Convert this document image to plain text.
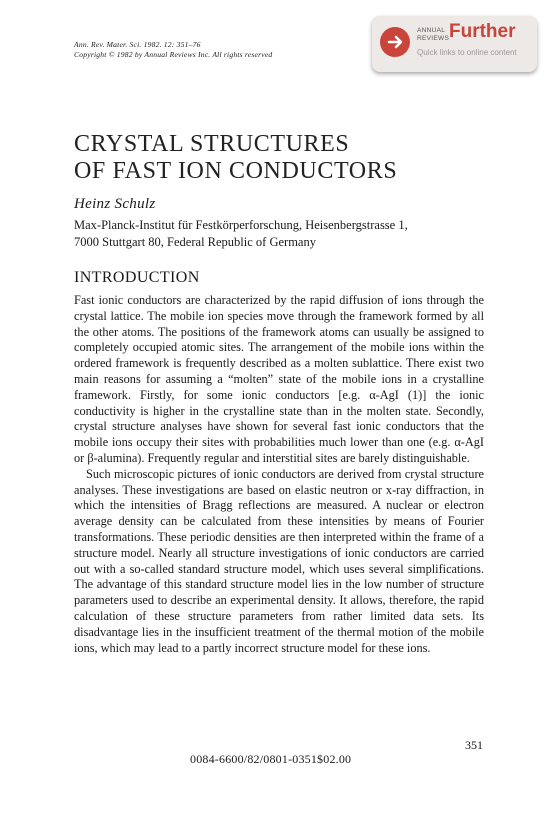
Ann. Rev. Mater. Sci. 1982. 12: 351–76
Copyright © 1982 by Annual Reviews Inc. All rights reserved
ANNUAL
REVIEWS Further
Quick links to online content
CRYSTAL STRUCTURES
OF FAST ION CONDUCTORS
Heinz Schulz
Max-Planck-Institut für Festkörperforschung, Heisenbergstrasse 1,
7000 Stuttgart 80, Federal Republic of Germany
INTRODUCTION

Fast ionic conductors are characterized by the rapid diffusion of ions through the crystal lattice. The mobile ion species move through the framework formed by all the other atoms. The positions of the framework atoms can usually be assigned to completely occupied atomic sites. The arrangement of the mobile ions within the ordered framework is frequently described as a molten sublattice. There exist two main reasons for assuming a “molten” state of the mobile ions in a crystalline framework. Firstly, for some ionic conductors [e.g. α-AgI (1)] the ionic conductivity is higher in the crystalline state than in the molten state. Secondly, crystal structure analyses have shown for several fast ionic conductors that the mobile ions occupy their sites with probabilities much lower than one (e.g. α-AgI or β-alumina). Frequently regular and interstitial sites are barely distinguishable.

Such microscopic pictures of ionic conductors are derived from crystal structure analyses. These investigations are based on elastic neutron or x-ray diffraction, in which the intensities of Bragg reflections are measured. A nuclear or electron average density can be calculated from these intensities by means of Fourier transformations. These periodic densities are then interpreted within the frame of a structure model. Nearly all structure investigations of ionic conductors are carried out with a so-called standard structure model, which uses several simplifications. The advantage of this standard structure model lies in the low number of structure parameters used to describe an experimental density. It allows, therefore, the rapid calculation of these structure parameters from rather limited data sets. Its disadvantage lies in the insufficient treatment of the thermal motion of the mobile ions, which may lead to a partly incorrect structure model for these ions.

351
0084-6600/82/0801-0351$02.00
